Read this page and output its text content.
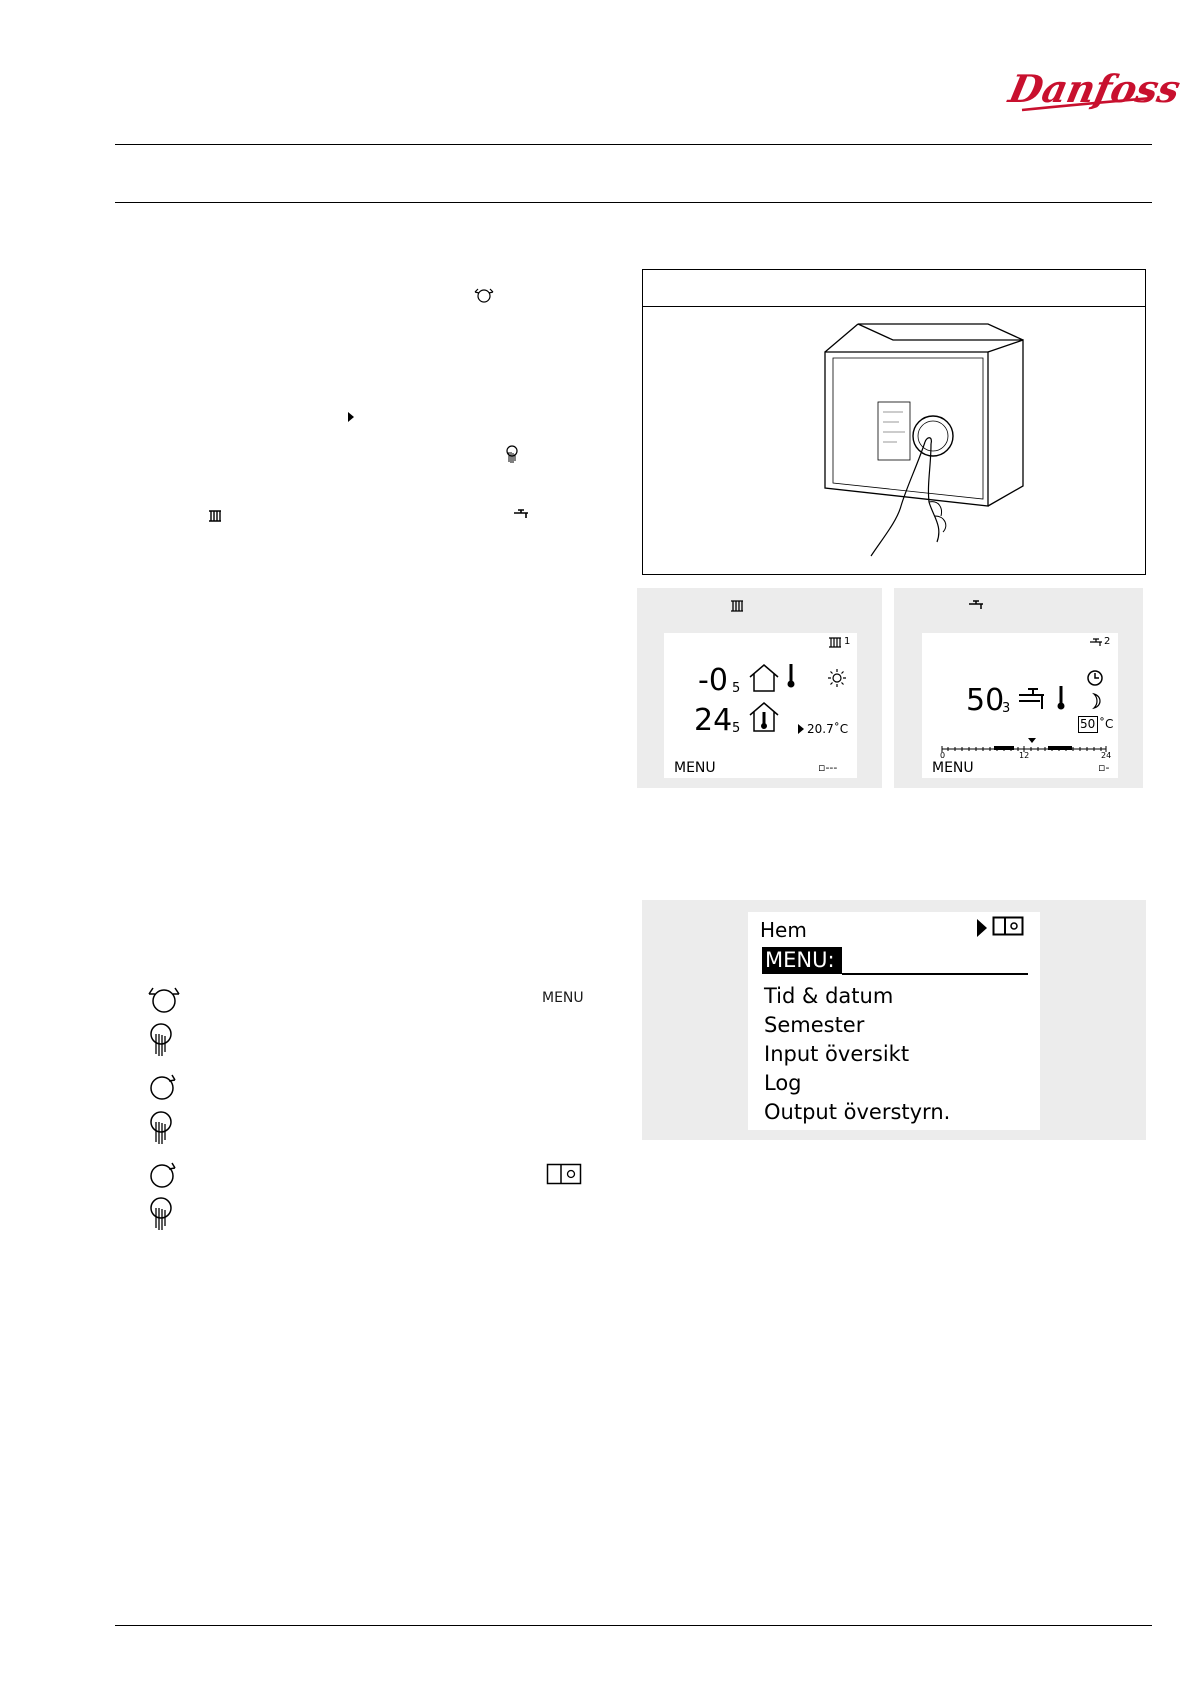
Danfoss
1
-0 5
24 5	20.7˚C
MENU	▫‑‑‑
2
50
3
50 ˚C
0	12	24
MENU	▫‑
Hem
MENU:
Tid & datum
Semester
Input översikt
Log
Output överstyrn.
MENU
